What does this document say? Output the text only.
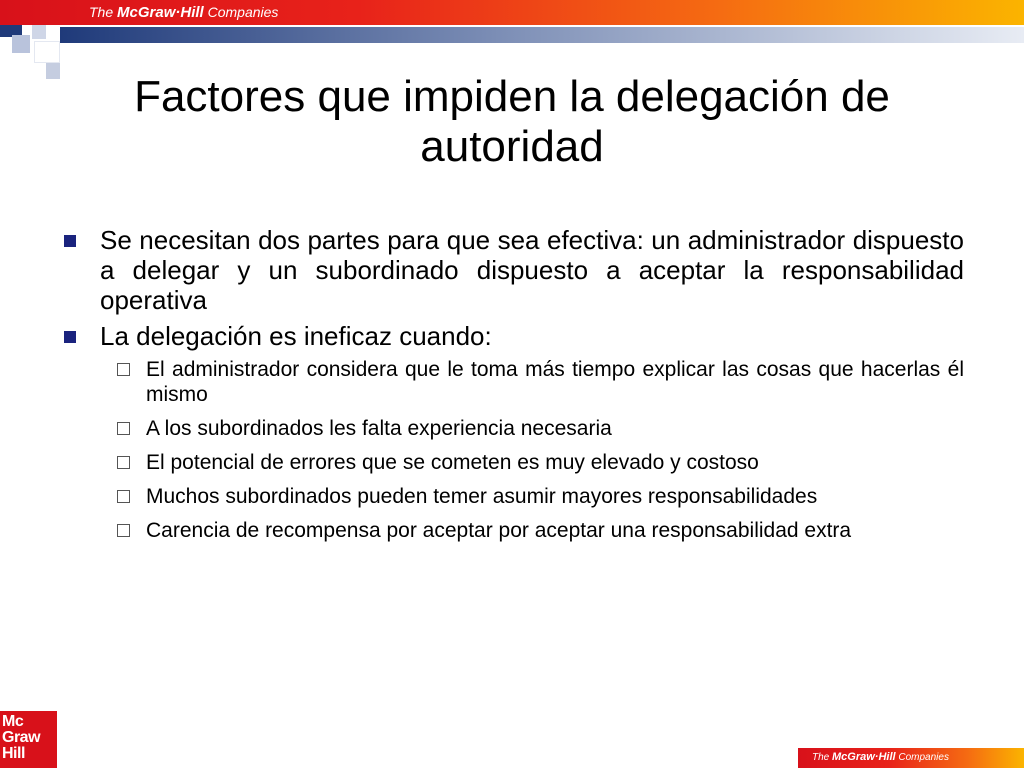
The McGraw·Hill Companies
Factores que impiden la delegación de autoridad
Se necesitan dos partes para que sea efectiva: un administrador dispuesto a delegar y un subordinado dispuesto a aceptar la responsabilidad operativa
La delegación es ineficaz cuando:
El administrador considera que le toma más tiempo explicar las cosas que hacerlas él mismo
A los subordinados les falta experiencia necesaria
El potencial de errores que se cometen es muy elevado y costoso
Muchos subordinados pueden temer asumir mayores responsabilidades
Carencia de recompensa por aceptar por aceptar una responsabilidad extra
Mc
Graw
Hill	The McGraw·Hill Companies
